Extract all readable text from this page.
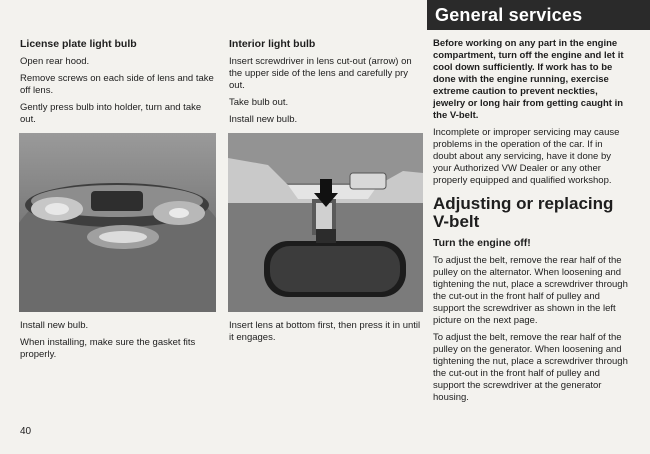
General services
License plate light bulb

Open rear hood.

Remove screws on each side of lens and take off lens.

Gently press bulb into holder, turn and take out.

Install new bulb.

When installing, make sure the gasket fits properly.

Interior light bulb

Insert screwdriver in lens cut-out (arrow) on the upper side of the lens and carefully pry out.

Take bulb out.

Install new bulb.

Insert lens at bottom first, then press it in until it engages.

Before working on any part in the engine compartment, turn off the engine and let it cool down sufficiently. If work has to be done with the engine running, exercise extreme caution to prevent neckties, jewelry or long hair from getting caught in the V-belt.

Incomplete or improper servicing may cause problems in the operation of the car. If in doubt about any servicing, have it done by your Authorized VW Dealer or any other properly equipped and qualified workshop.

Adjusting or replacing V-belt
Turn the engine off!

To adjust the belt, remove the rear half of the pulley on the alternator. When loosening and tightening the nut, place a screwdriver through the cut-out in the front half of pulley and support the screwdriver as shown in the left picture on the next page.

To adjust the belt, remove the rear half of the pulley on the generator. When loosening and tightening the nut, place a screwdriver through the cut-out in the front half of pulley and support the screwdriver at the generator housing.

40
